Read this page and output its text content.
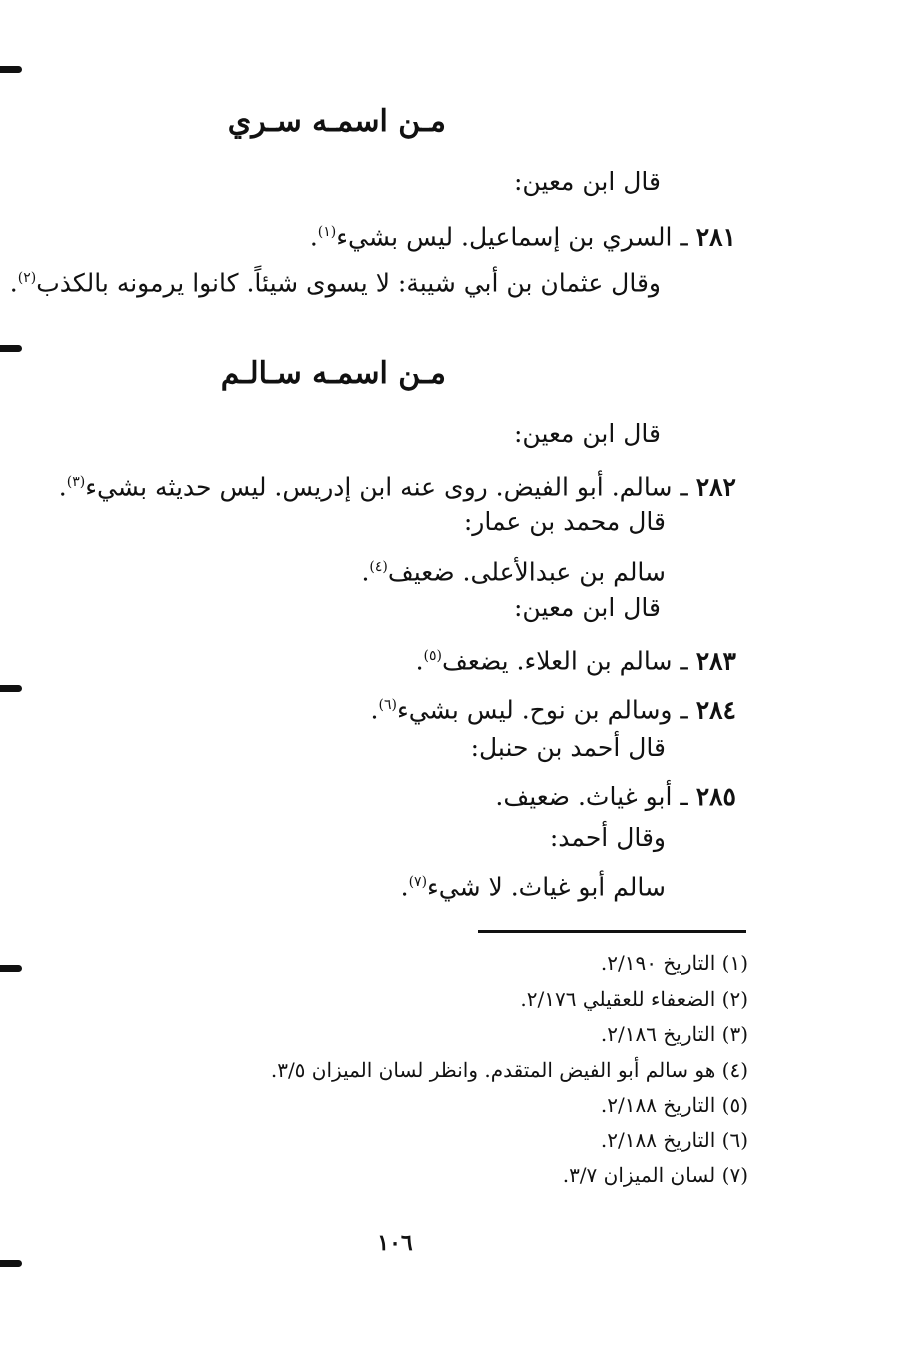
مـن اسمـه سـري
قال ابن معين:
٢٨١ ـ السري بن إسماعيل. ليس بشيء$^{(١)}$.
وقال عثمان بن أبي شيبة: لا يسوى شيئاً. كانوا يرمونه بالكذب$^{(٢)}$.
مـن اسمـه سـالـم
قال ابن معين:
٢٨٢ ـ سالم. أبو الفيض. روى عنه ابن إدريس. ليس حديثه بشيء$^{(٣)}$.
قال محمد بن عمار:
سالم بن عبدالأعلى. ضعيف$^{(٤)}$.
قال ابن معين:
٢٨٣ ـ سالم بن العلاء. يضعف$^{(٥)}$.
٢٨٤ ـ وسالم بن نوح. ليس بشيء$^{(٦)}$.
قال أحمد بن حنبل:
٢٨٥ ـ أبو غياث. ضعيف.
وقال أحمد:
سالم أبو غياث. لا شيء$^{(٧)}$.
(١) التاريخ ٢/١٩٠.
(٢) الضعفاء للعقيلي ٢/١٧٦.
(٣) التاريخ ٢/١٨٦.
(٤) هو سالم أبو الفيض المتقدم. وانظر لسان الميزان ٣/٥.
(٥) التاريخ ٢/١٨٨.
(٦) التاريخ ٢/١٨٨.
(٧) لسان الميزان ٣/٧.
١٠٦
